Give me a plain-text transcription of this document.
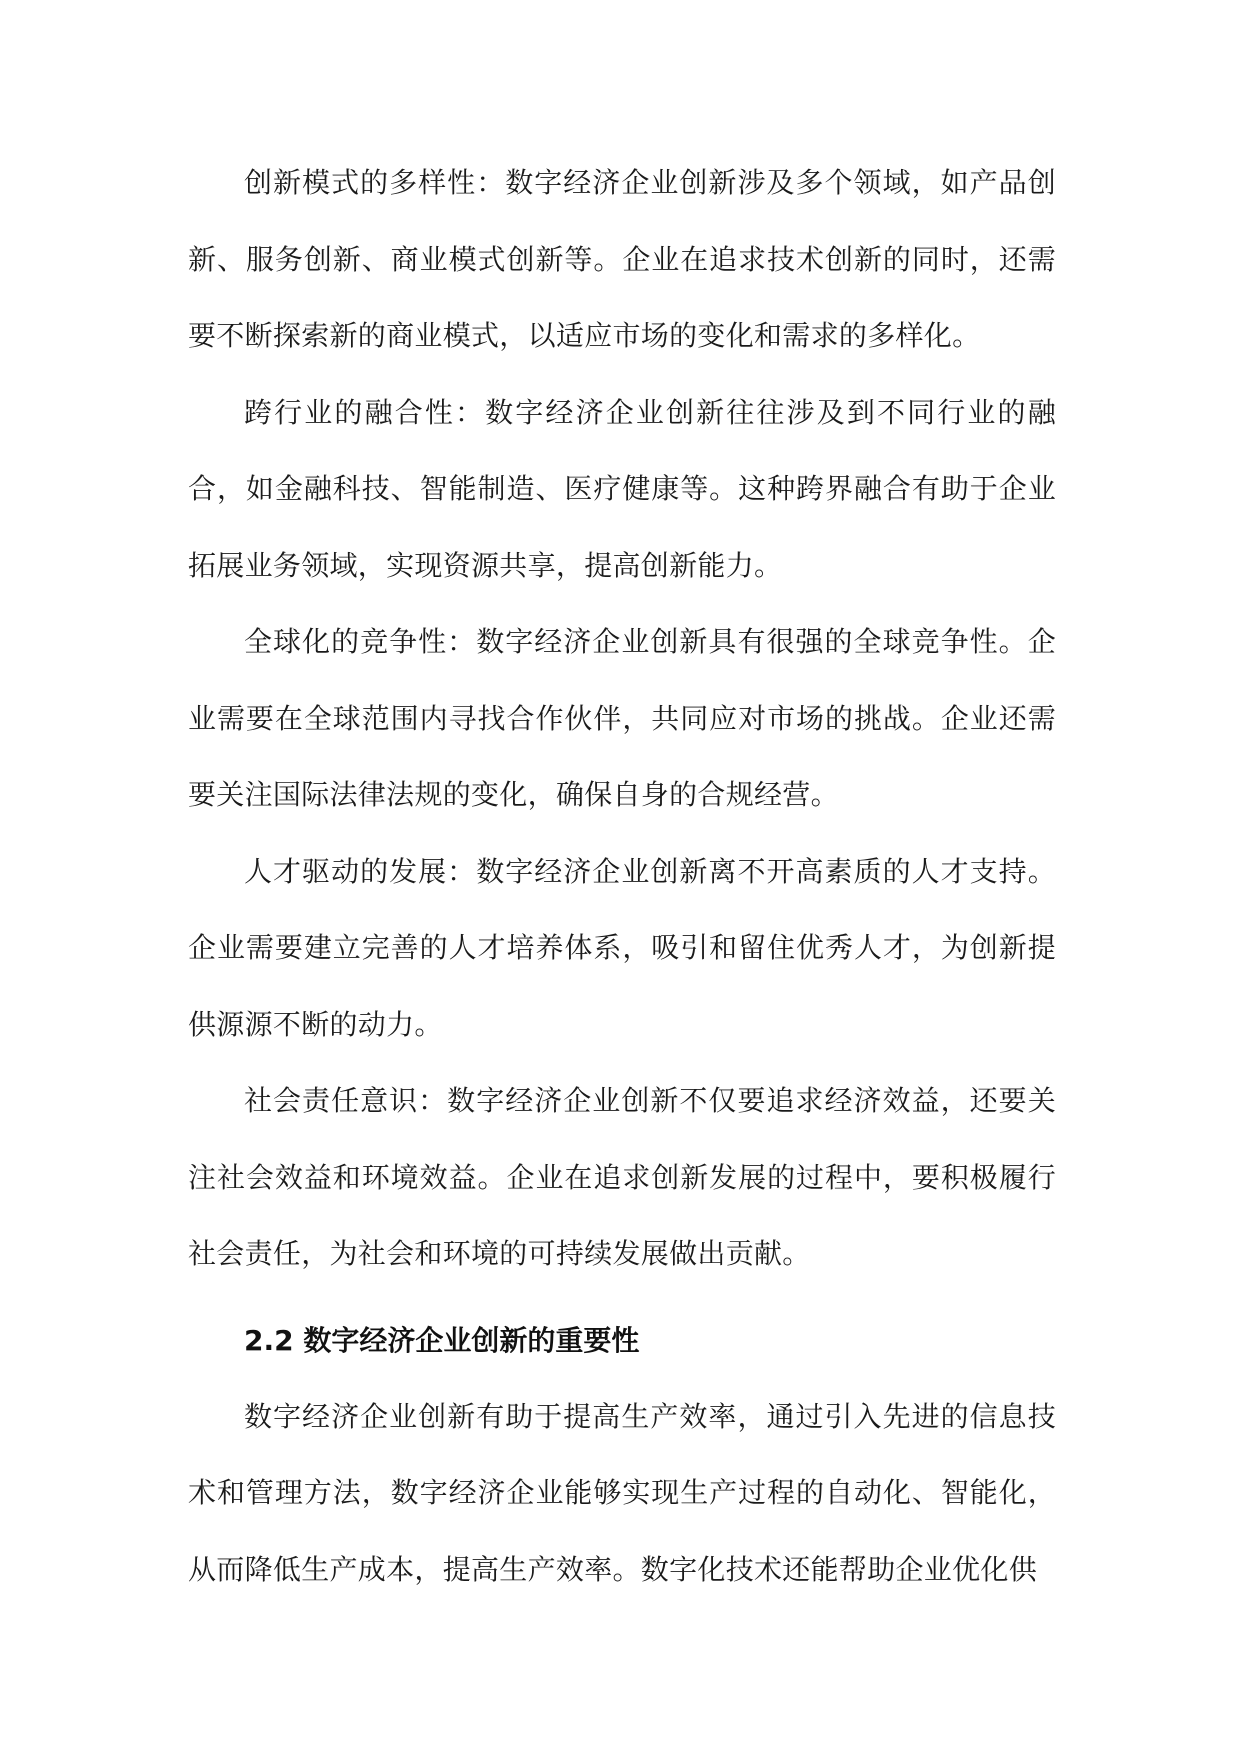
创新模式的多样性：数字经济企业创新涉及多个领域，如产品创新、服务创新、商业模式创新等。企业在追求技术创新的同时，还需要不断探索新的商业模式，以适应市场的变化和需求的多样化。

跨行业的融合性：数字经济企业创新往往涉及到不同行业的融合，如金融科技、智能制造、医疗健康等。这种跨界融合有助于企业拓展业务领域，实现资源共享，提高创新能力。

全球化的竞争性：数字经济企业创新具有很强的全球竞争性。企业需要在全球范围内寻找合作伙伴，共同应对市场的挑战。企业还需要关注国际法律法规的变化，确保自身的合规经营。

人才驱动的发展：数字经济企业创新离不开高素质的人才支持。企业需要建立完善的人才培养体系，吸引和留住优秀人才，为创新提供源源不断的动力。

社会责任意识：数字经济企业创新不仅要追求经济效益，还要关注社会效益和环境效益。企业在追求创新发展的过程中，要积极履行社会责任，为社会和环境的可持续发展做出贡献。

2.2 数字经济企业创新的重要性

数字经济企业创新有助于提高生产效率，通过引入先进的信息技术和管理方法，数字经济企业能够实现生产过程的自动化、智能化，从而降低生产成本，提高生产效率。数字化技术还能帮助企业优化供
